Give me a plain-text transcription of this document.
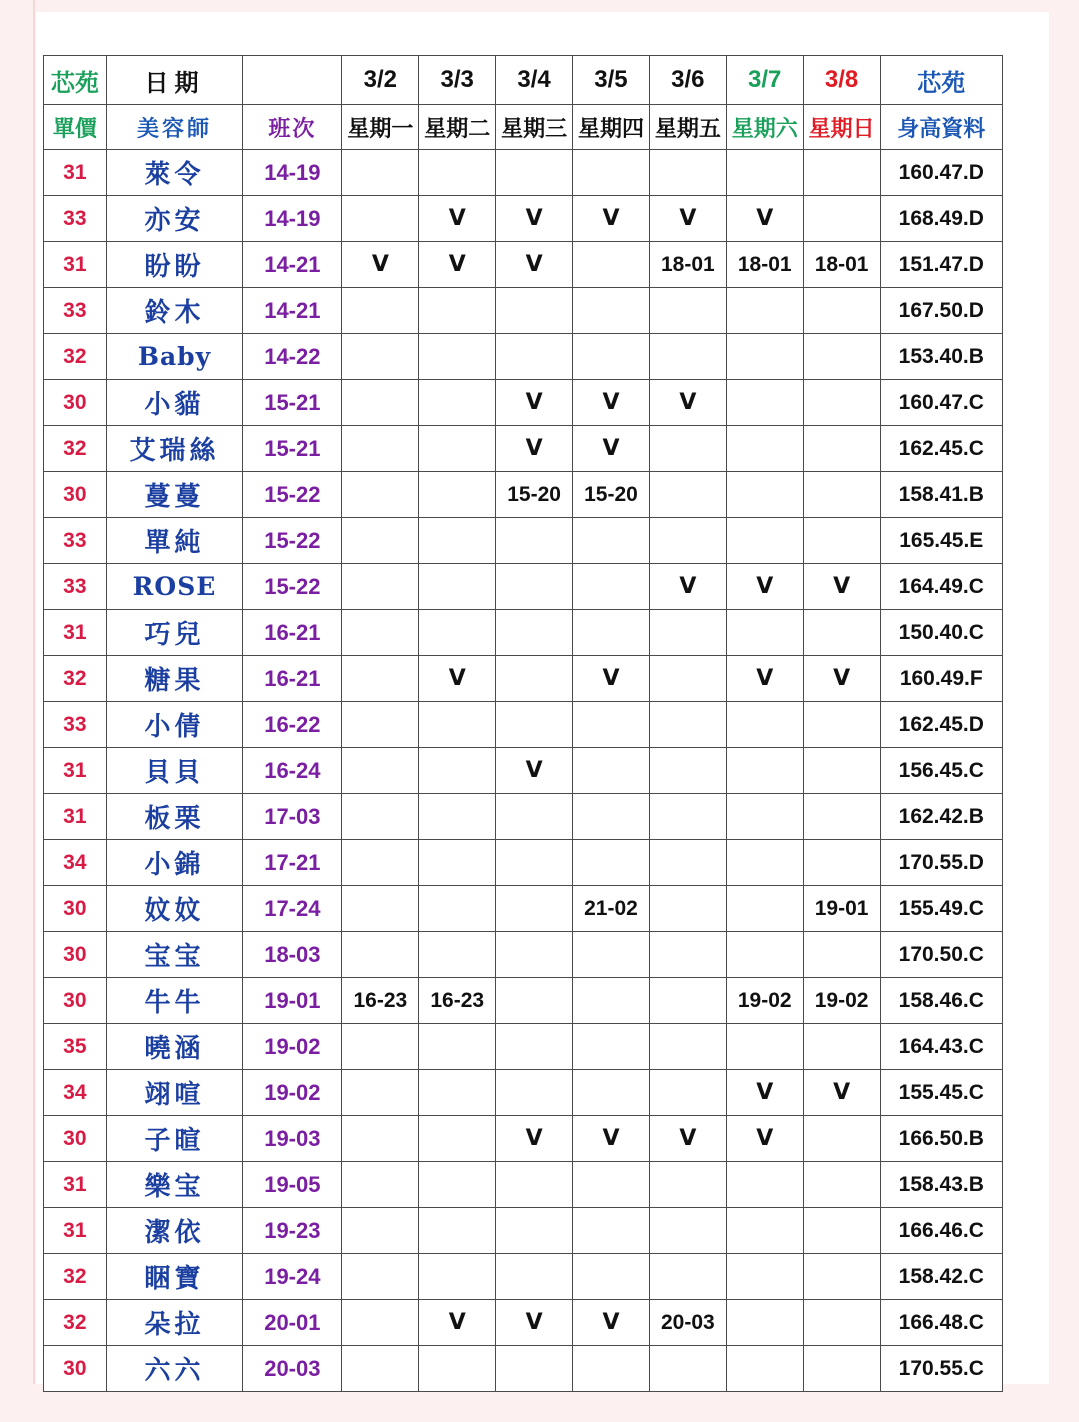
芯苑	日期		3/2	3/3	3/4	3/5	3/6	3/7	3/8	芯苑
單價	美容師	班次	星期一	星期二	星期三	星期四	星期五	星期六	星期日	身高資料
31	萊令	14-19								160.47.D
33	亦安	14-19		V	V	V	V	V		168.49.D
31	盼盼	14-21	V	V	V		18-01	18-01	18-01	151.47.D
33	鈴木	14-21								167.50.D
32	Baby	14-22								153.40.B
30	小貓	15-21			V	V	V			160.47.C
32	艾瑞絲	15-21			V	V				162.45.C
30	蔓蔓	15-22			15-20	15-20				158.41.B
33	單純	15-22								165.45.E
33	ROSE	15-22					V	V	V	164.49.C
31	巧兒	16-21								150.40.C
32	糖果	16-21		V		V		V	V	160.49.F
33	小倩	16-22								162.45.D
31	貝貝	16-24			V					156.45.C
31	板栗	17-03								162.42.B
34	小錦	17-21								170.55.D
30	妏妏	17-24				21-02			19-01	155.49.C
30	宝宝	18-03								170.50.C
30	牛牛	19-01	16-23	16-23				19-02	19-02	158.46.C
35	曉涵	19-02								164.43.C
34	翊喧	19-02						V	V	155.45.C
30	子暄	19-03			V	V	V	V		166.50.B
31	樂宝	19-05								158.43.B
31	潔依	19-23								166.46.C
32	睏寶	19-24								158.42.C
32	朵拉	20-01		V	V	V	20-03			166.48.C
30	六六	20-03								170.55.C
